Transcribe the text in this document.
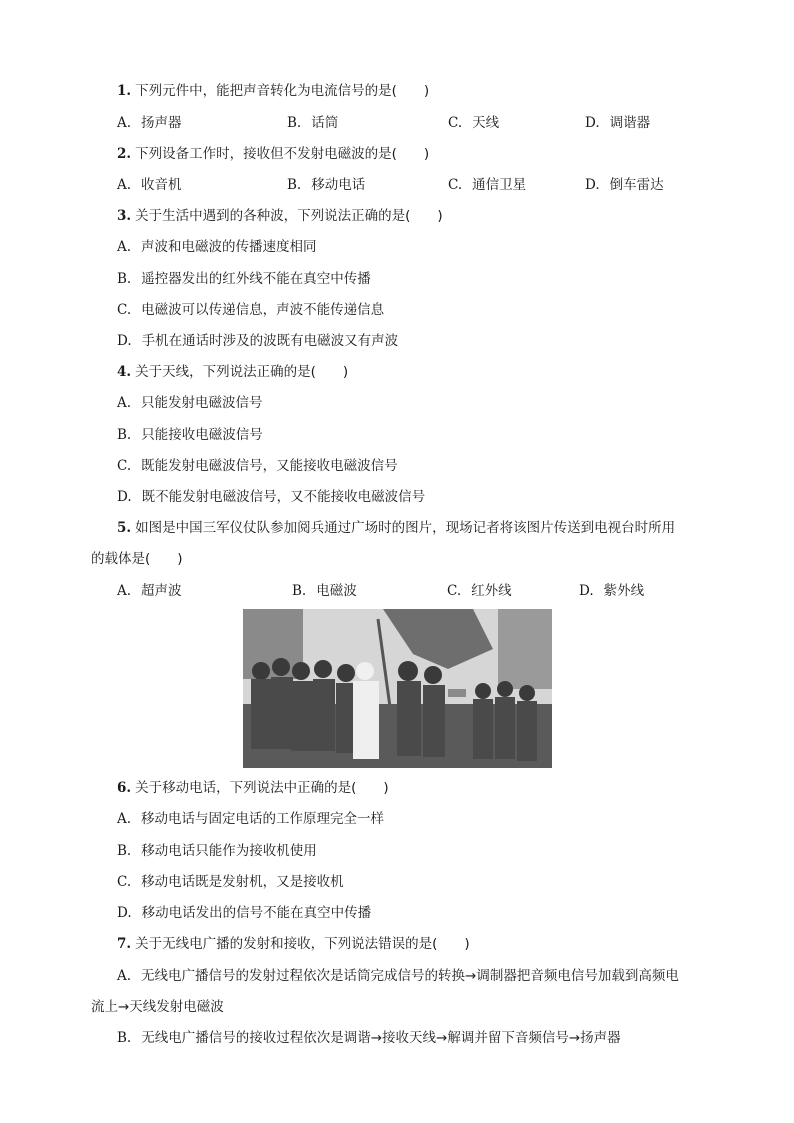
1. 下列元件中，能把声音转化为电流信号的是(　　)
A. 扬声器	B. 话筒	C. 天线	D. 调谐器
2. 下列设备工作时，接收但不发射电磁波的是(　　)
A. 收音机	B. 移动电话	C. 通信卫星	D. 倒车雷达
3. 关于生活中遇到的各种波，下列说法正确的是(　　)
A. 声波和电磁波的传播速度相同
B. 遥控器发出的红外线不能在真空中传播
C. 电磁波可以传递信息，声波不能传递信息
D. 手机在通话时涉及的波既有电磁波又有声波
4. 关于天线，下列说法正确的是(　　)
A. 只能发射电磁波信号
B. 只能接收电磁波信号
C. 既能发射电磁波信号，又能接收电磁波信号
D. 既不能发射电磁波信号，又不能接收电磁波信号
5. 如图是中国三军仪仗队参加阅兵通过广场时的图片，现场记者将该图片传送到电视台时所用
的载体是(　　)
A. 超声波	B. 电磁波	C. 红外线	D. 紫外线
6. 关于移动电话，下列说法中正确的是(　　)
A. 移动电话与固定电话的工作原理完全一样
B. 移动电话只能作为接收机使用
C. 移动电话既是发射机，又是接收机
D. 移动电话发出的信号不能在真空中传播
7. 关于无线电广播的发射和接收，下列说法错误的是(　　)
A. 无线电广播信号的发射过程依次是话筒完成信号的转换→调制器把音频电信号加载到高频电
流上→天线发射电磁波
B. 无线电广播信号的接收过程依次是调谐→接收天线→解调并留下音频信号→扬声器
